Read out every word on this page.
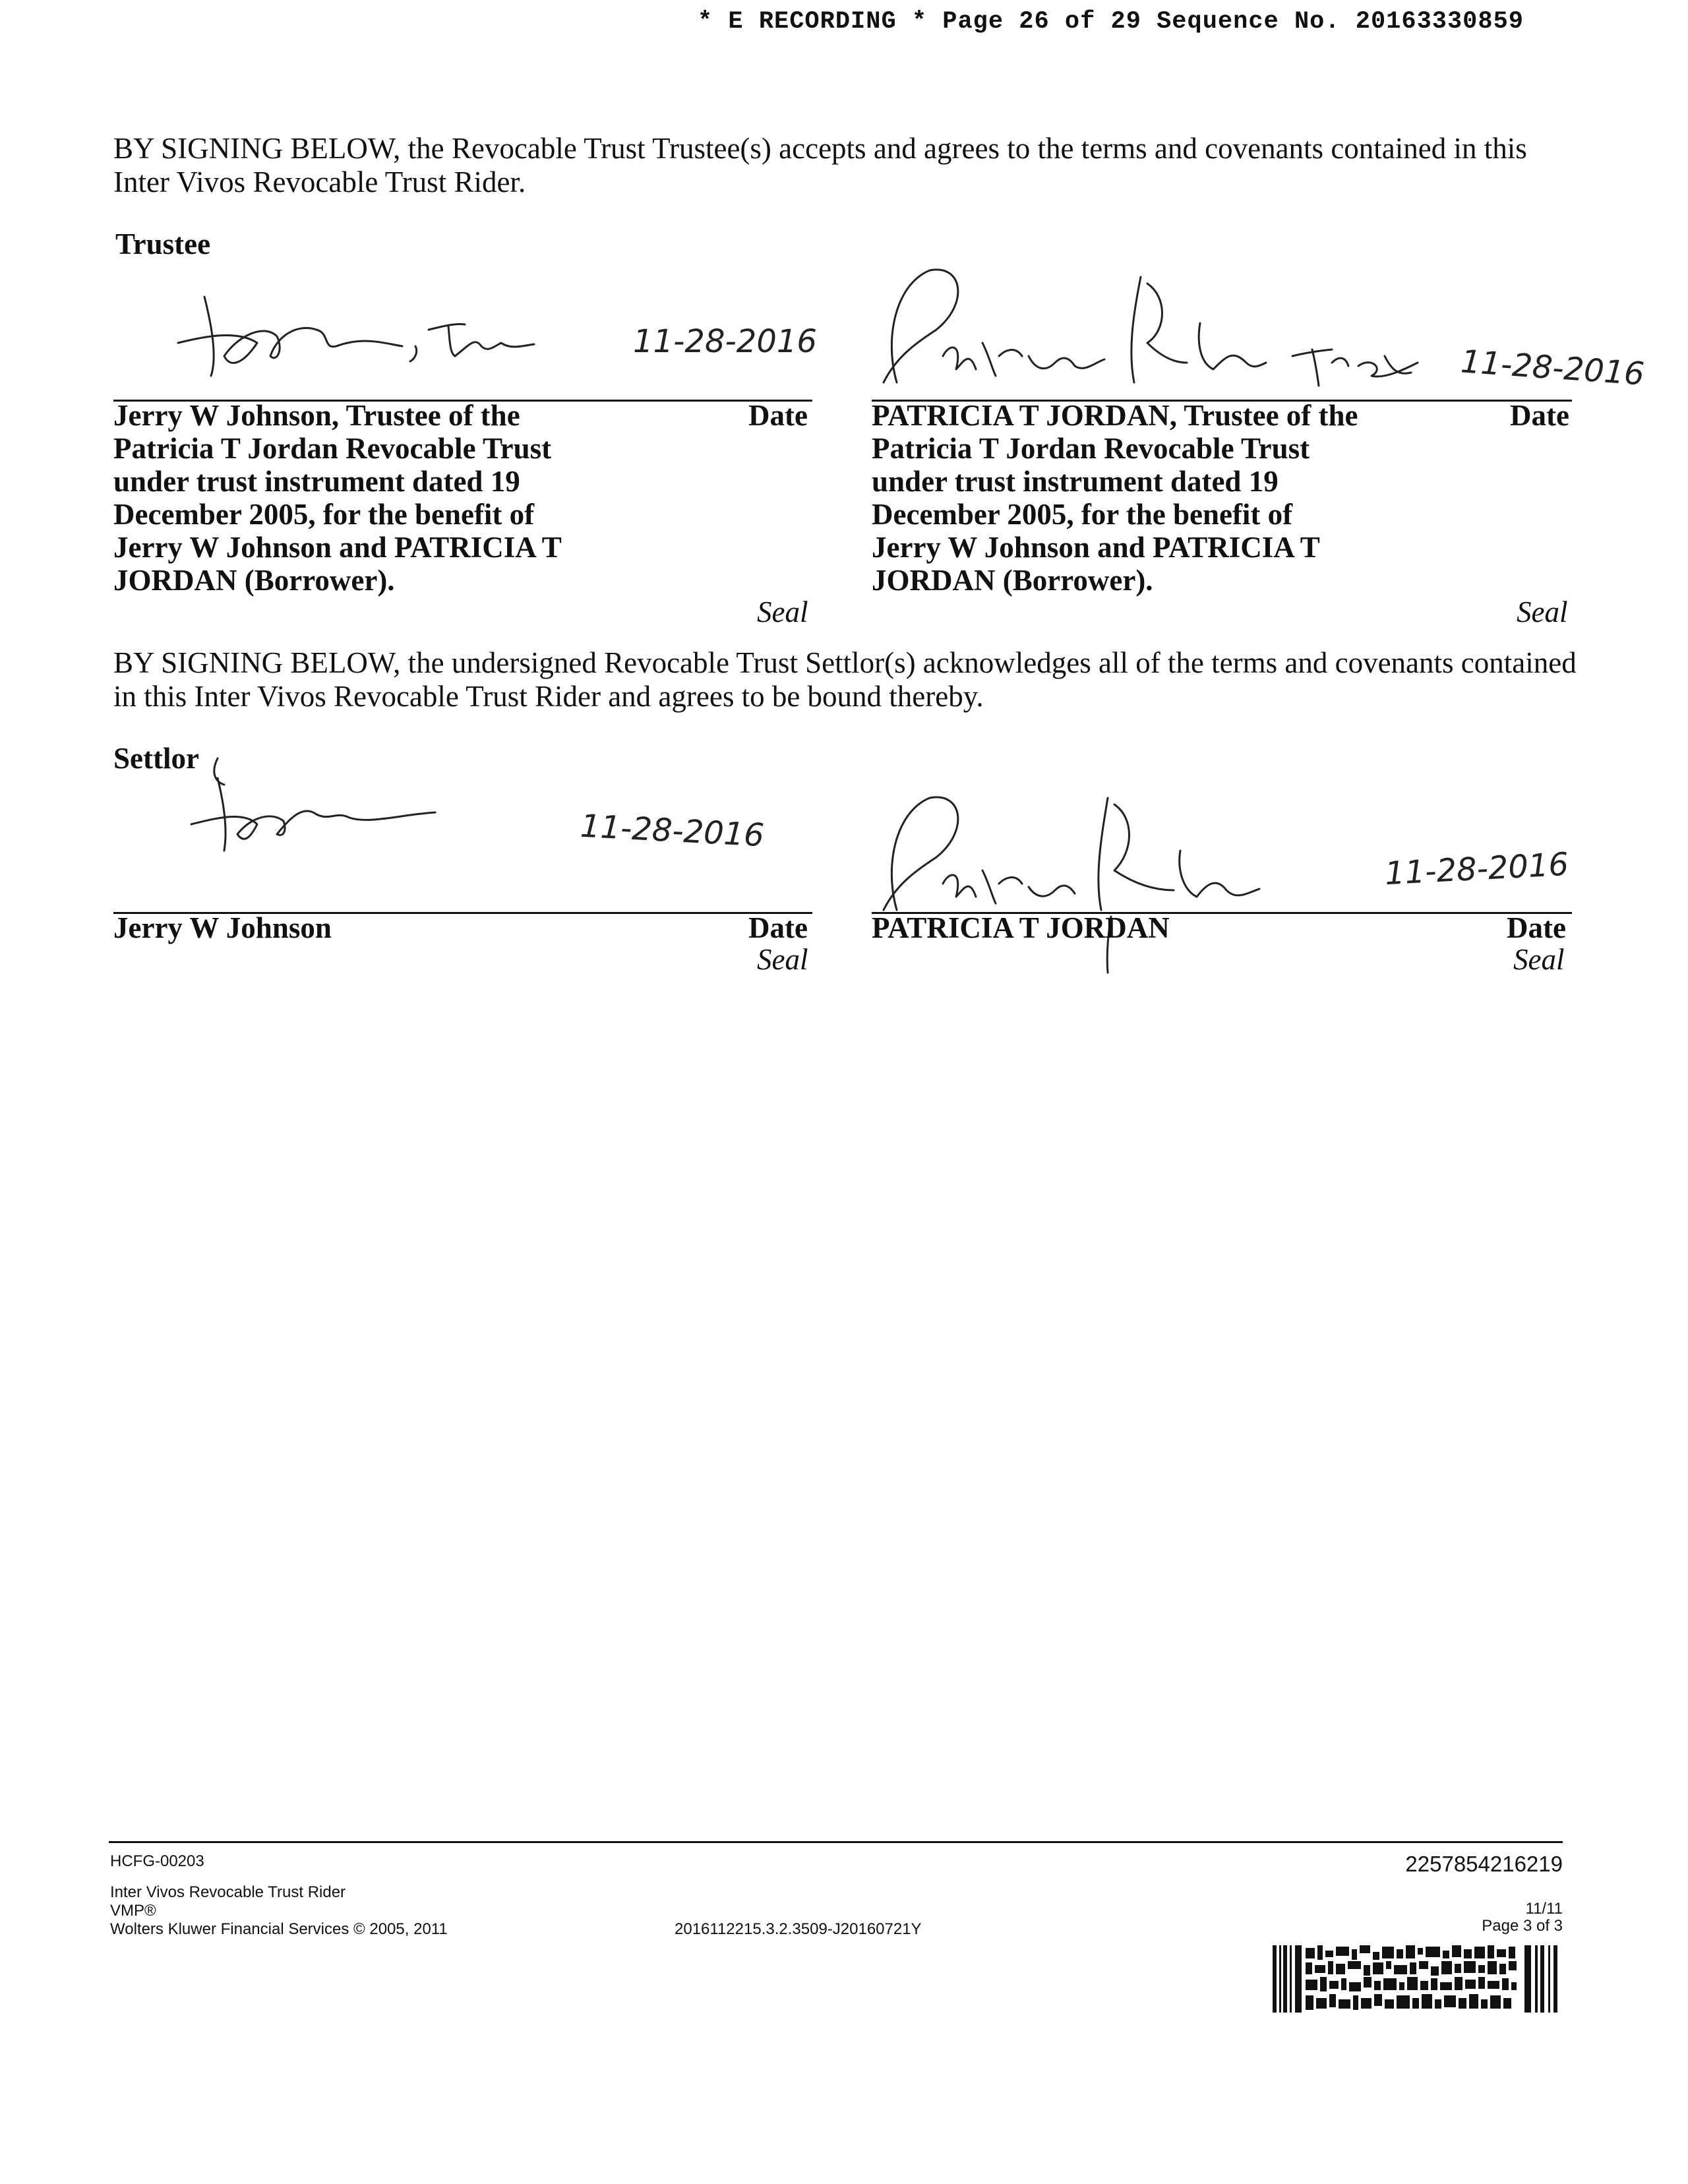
* E RECORDING * Page 26 of 29 Sequence No. 20163330859
BY SIGNING BELOW, the Revocable Trust Trustee(s) accepts and agrees to the terms and covenants contained in this Inter Vivos Revocable Trust Rider.
Trustee
11-28-2016
Jerry W Johnson, Trustee of the Patricia T Jordan Revocable Trust under trust instrument dated 19 December 2005, for the benefit of Jerry W Johnson and PATRICIA T JORDAN (Borrower).
Date
Seal
11-28-2016
PATRICIA T JORDAN, Trustee of the Patricia T Jordan Revocable Trust under trust instrument dated 19 December 2005, for the benefit of Jerry W Johnson and PATRICIA T JORDAN (Borrower).
Date
Seal
BY SIGNING BELOW, the undersigned Revocable Trust Settlor(s) acknowledges all of the terms and covenants contained in this Inter Vivos Revocable Trust Rider and agrees to be bound thereby.
Settlor
11-28-2016
Jerry W Johnson	Date
Seal
11-28-2016
PATRICIA T JORDAN	Date
Seal
HCFG-00203
Inter Vivos Revocable Trust Rider
VMP®
Wolters Kluwer Financial Services © 2005, 2011	2016112215.3.2.3509-J20160721Y
2257854216219
11/11
Page 3 of 3
